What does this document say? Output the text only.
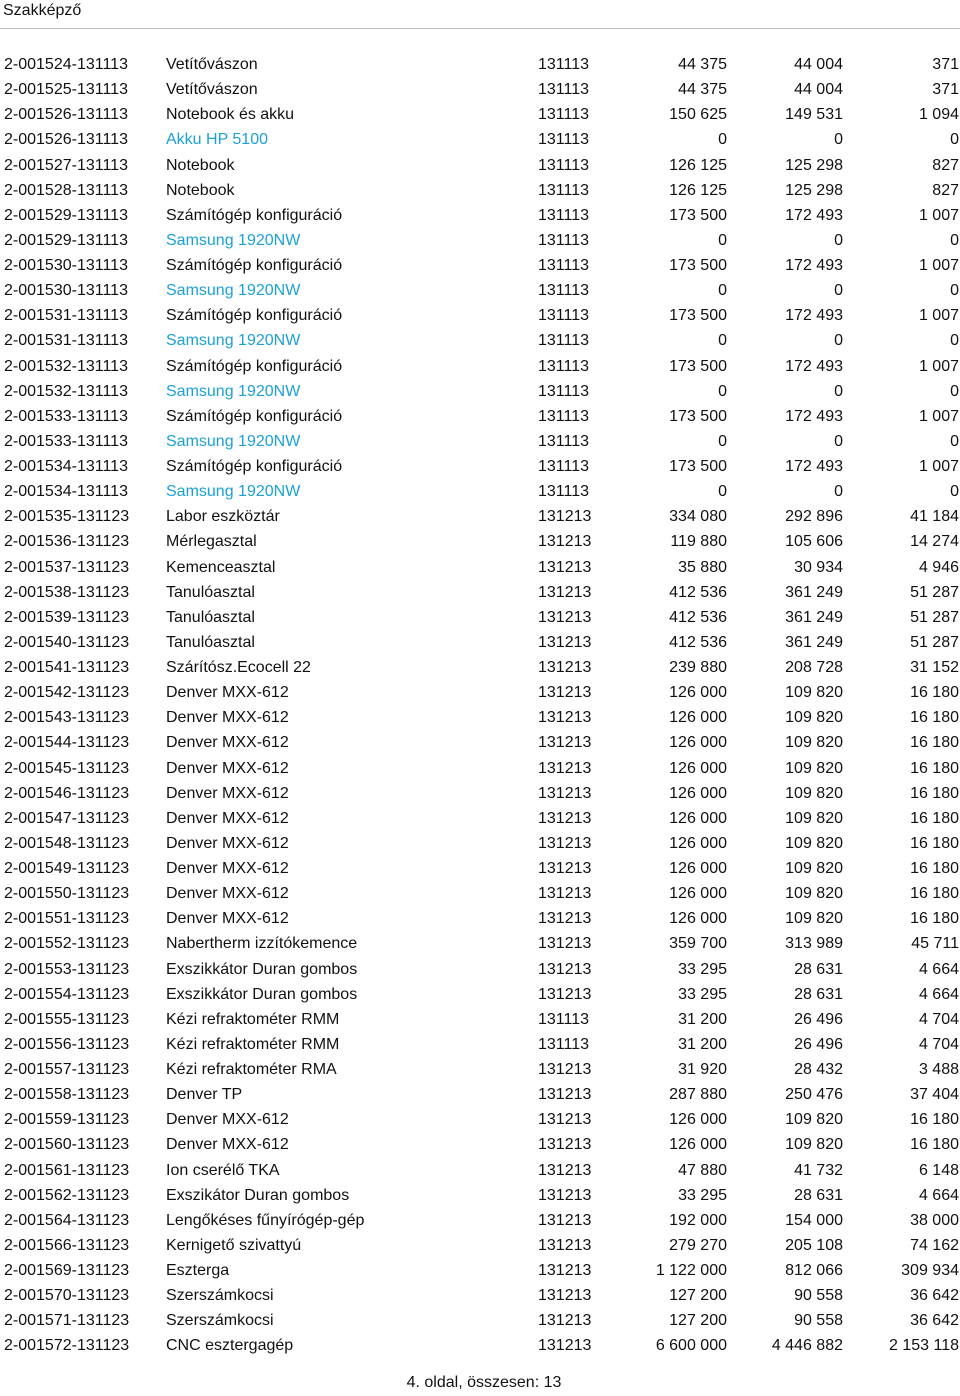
Szakképző
2-001524-131113 Vetítővászon	131113	44 375	44 004	371
2-001525-131113 Vetítővászon	131113	44 375	44 004	371
2-001526-131113 Notebook és akku	131113	150 625	149 531	1 094
2-001526-131113 Akku HP 5100	131113	0	0	0
2-001527-131113 Notebook	131113	126 125	125 298	827
2-001528-131113 Notebook	131113	126 125	125 298	827
2-001529-131113 Számítógép konfiguráció	131113	173 500	172 493	1 007
2-001529-131113 Samsung 1920NW	131113	0	0	0
2-001530-131113 Számítógép konfiguráció	131113	173 500	172 493	1 007
2-001530-131113 Samsung 1920NW	131113	0	0	0
2-001531-131113 Számítógép konfiguráció	131113	173 500	172 493	1 007
2-001531-131113 Samsung 1920NW	131113	0	0	0
2-001532-131113 Számítógép konfiguráció	131113	173 500	172 493	1 007
2-001532-131113 Samsung 1920NW	131113	0	0	0
2-001533-131113 Számítógép konfiguráció	131113	173 500	172 493	1 007
2-001533-131113 Samsung 1920NW	131113	0	0	0
2-001534-131113 Számítógép konfiguráció	131113	173 500	172 493	1 007
2-001534-131113 Samsung 1920NW	131113	0	0	0
2-001535-131123 Labor eszköztár	131213	334 080	292 896	41 184
2-001536-131123 Mérlegasztal	131213	119 880	105 606	14 274
2-001537-131123 Kemenceasztal	131213	35 880	30 934	4 946
2-001538-131123 Tanulóasztal	131213	412 536	361 249	51 287
2-001539-131123 Tanulóasztal	131213	412 536	361 249	51 287
2-001540-131123 Tanulóasztal	131213	412 536	361 249	51 287
2-001541-131123 Szárítósz.Ecocell 22	131213	239 880	208 728	31 152
2-001542-131123 Denver MXX-612	131213	126 000	109 820	16 180
2-001543-131123 Denver MXX-612	131213	126 000	109 820	16 180
2-001544-131123 Denver MXX-612	131213	126 000	109 820	16 180
2-001545-131123 Denver MXX-612	131213	126 000	109 820	16 180
2-001546-131123 Denver MXX-612	131213	126 000	109 820	16 180
2-001547-131123 Denver MXX-612	131213	126 000	109 820	16 180
2-001548-131123 Denver MXX-612	131213	126 000	109 820	16 180
2-001549-131123 Denver MXX-612	131213	126 000	109 820	16 180
2-001550-131123 Denver MXX-612	131213	126 000	109 820	16 180
2-001551-131123 Denver MXX-612	131213	126 000	109 820	16 180
2-001552-131123 Nabertherm izzítókemence	131213	359 700	313 989	45 711
2-001553-131123 Exszikkátor Duran gombos	131213	33 295	28 631	4 664
2-001554-131123 Exszikkátor Duran gombos	131213	33 295	28 631	4 664
2-001555-131123 Kézi refraktométer RMM	131113	31 200	26 496	4 704
2-001556-131123 Kézi refraktométer RMM	131113	31 200	26 496	4 704
2-001557-131123 Kézi refraktométer RMA	131213	31 920	28 432	3 488
2-001558-131123 Denver TP	131213	287 880	250 476	37 404
2-001559-131123 Denver MXX-612	131213	126 000	109 820	16 180
2-001560-131123 Denver MXX-612	131213	126 000	109 820	16 180
2-001561-131123 Ion cserélő TKA	131213	47 880	41 732	6 148
2-001562-131123 Exszikátor Duran gombos	131213	33 295	28 631	4 664
2-001564-131123 Lengőkéses fűnyírógép-gép	131213	192 000	154 000	38 000
2-001566-131123 Kernigető szivattyú	131213	279 270	205 108	74 162
2-001569-131123 Eszterga	131213	1 122 000	812 066	309 934
2-001570-131123 Szerszámkocsi	131213	127 200	90 558	36 642
2-001571-131123 Szerszámkocsi	131213	127 200	90 558	36 642
2-001572-131123 CNC esztergagép	131213	6 600 000	4 446 882	2 153 118
4. oldal, összesen: 13
